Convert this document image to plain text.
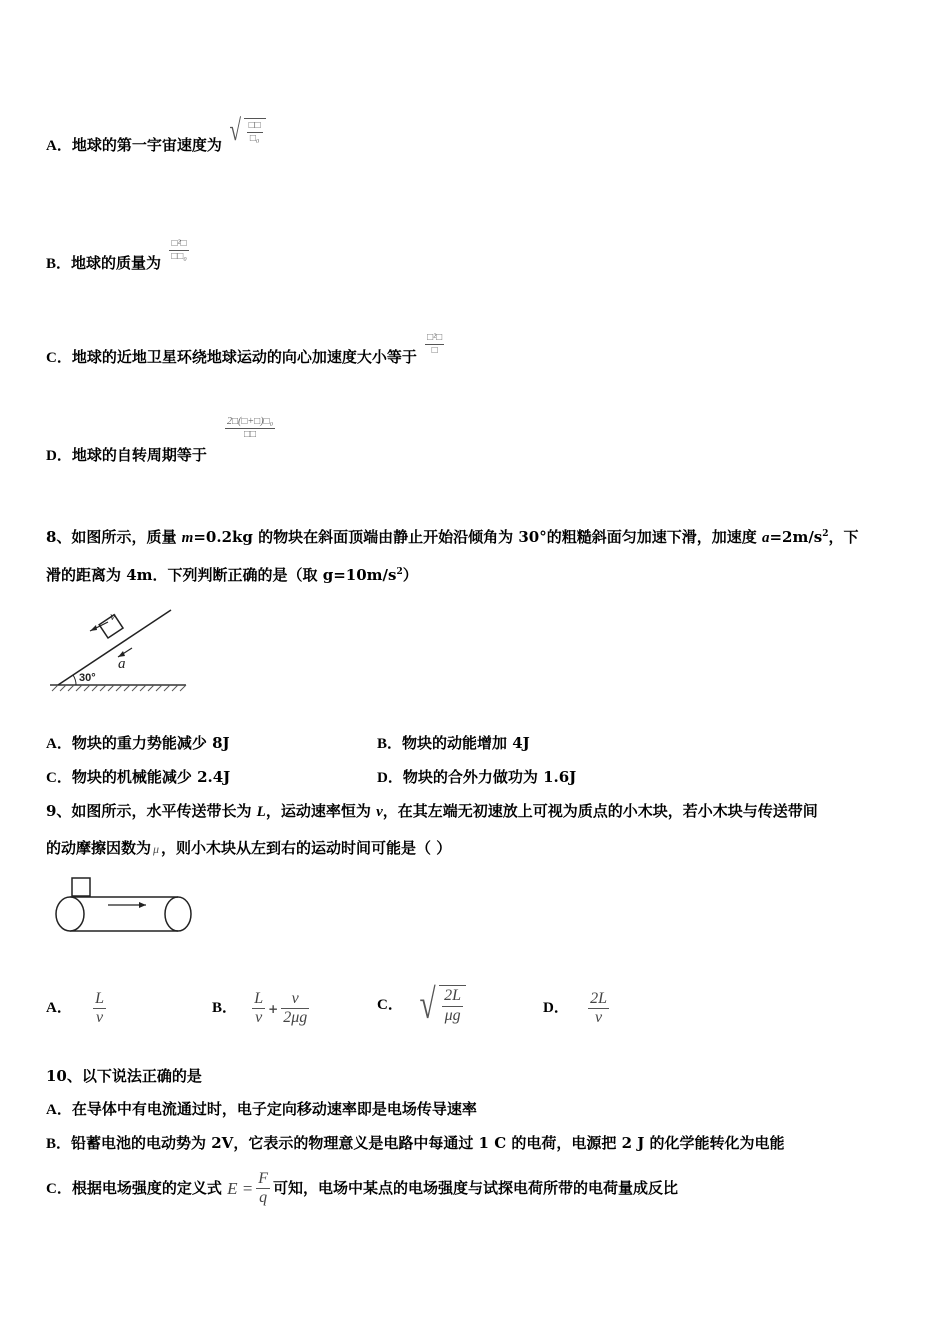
A．地球的第一宇宙速度为 √ $\frac{□□}{\text{□₀}}$
B．地球的质量为
$\frac{\text{□²□}}{\text{□□₀}}$
C．地球的近地卫星环绕地球运动的向心加速度大小等于
$\frac{\text{□²□}}{□}$
D．地球的自转周期等于
$\frac{\text{2□(□+□)□₀}}{□□}$
8、如图所示，质量 m=0.2kg 的物块在斜面顶端由静止开始沿倾角为 30°的粗糙斜面匀加速下滑，加速度 $a=2m/s^2$，下
滑的距离为 4m．下列判断正确的是（取 $g=10m/s^2$）
v
a
30°
A．物块的重力势能减少 8J	B．物块的动能增加 4J
C．物块的机械能减少 2.4J	D．物块的合外力做功为 1.6J
9、如图所示，水平传送带长为 L，运动速率恒为 v，在其左端无初速放上可视为质点的小木块，若小木块与传送带间
的动摩擦因数为 μ ，则小木块从左到右的运动时间可能是（ ）
A． $\frac{L}{v}$	B． $\frac{L}{v} + \frac{v}{2\mu g}$	C． √ $\frac{2L}{\mu g}$	D． $\frac{2L}{v}$
10、以下说法正确的是
A．在导体中有电流通过时，电子定向移动速率即是电场传导速率
B．铅蓄电池的电动势为 2V，它表示的物理意义是电路中每通过 1 C 的电荷，电源把 2 J 的化学能转化为电能
C．根据电场强度的定义式 $E = \frac{F}{q}$ 可知，电场中某点的电场强度与试探电荷所带的电荷量成反比
